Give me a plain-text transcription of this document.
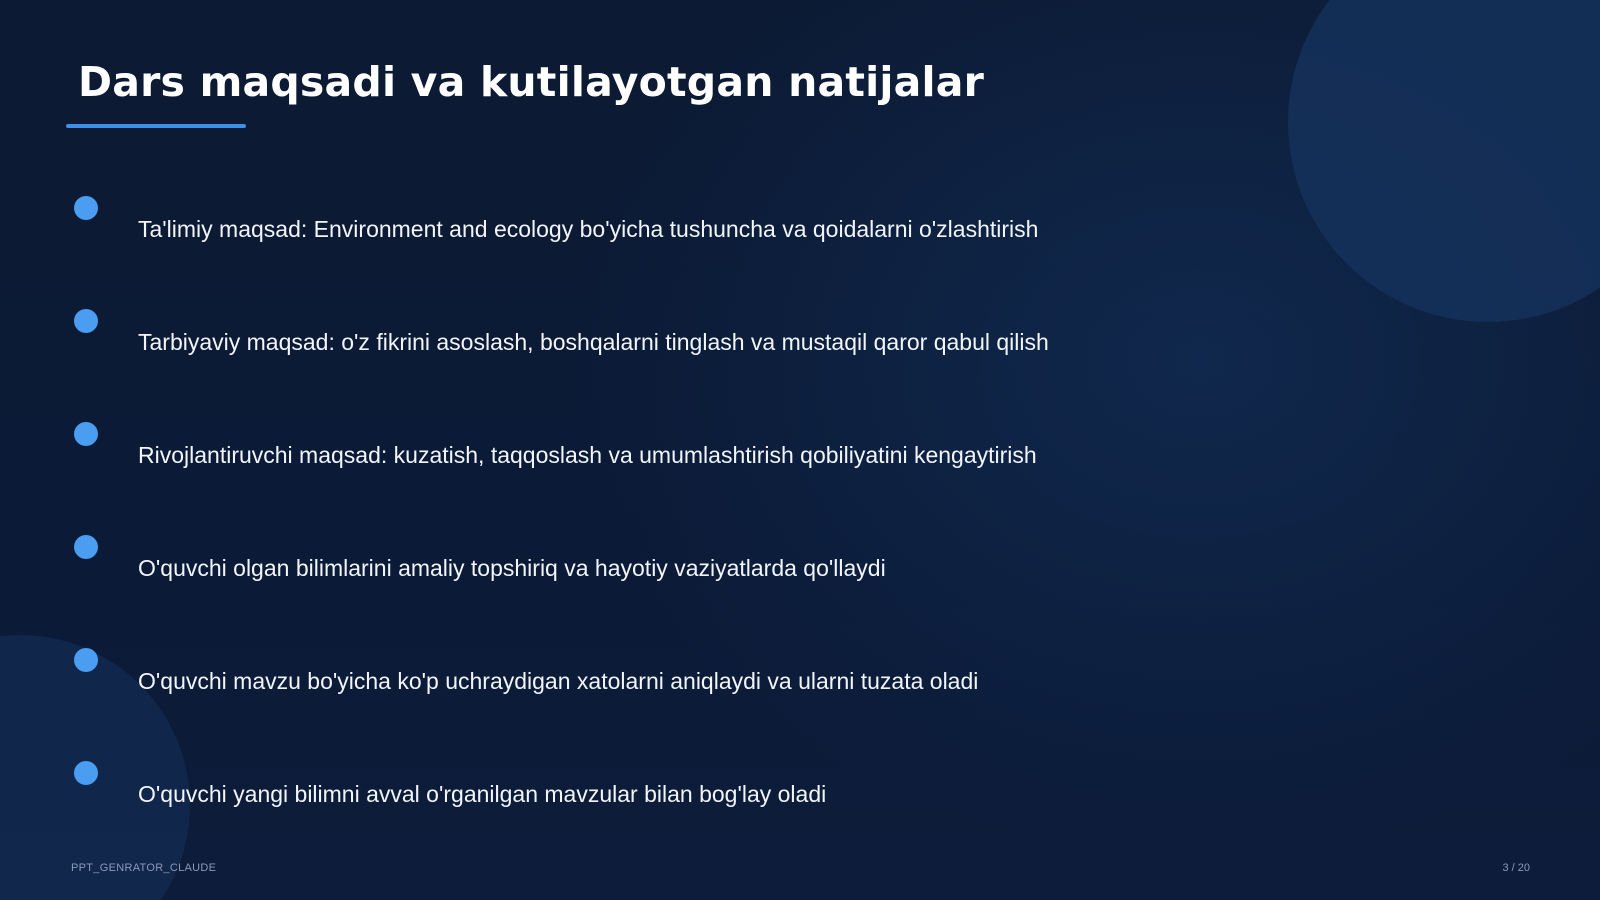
Dars maqsadi va kutilayotgan natijalar
Ta'limiy maqsad: Environment and ecology bo'yicha tushuncha va qoidalarni o'zlashtirish
Tarbiyaviy maqsad: o'z fikrini asoslash, boshqalarni tinglash va mustaqil qaror qabul qilish
Rivojlantiruvchi maqsad: kuzatish, taqqoslash va umumlashtirish qobiliyatini kengaytirish
O'quvchi olgan bilimlarini amaliy topshiriq va hayotiy vaziyatlarda qo'llaydi
O'quvchi mavzu bo'yicha ko'p uchraydigan xatolarni aniqlaydi va ularni tuzata oladi
O'quvchi yangi bilimni avval o'rganilgan mavzular bilan bog'lay oladi
PPT_GENRATOR_CLAUDE	3 / 20
